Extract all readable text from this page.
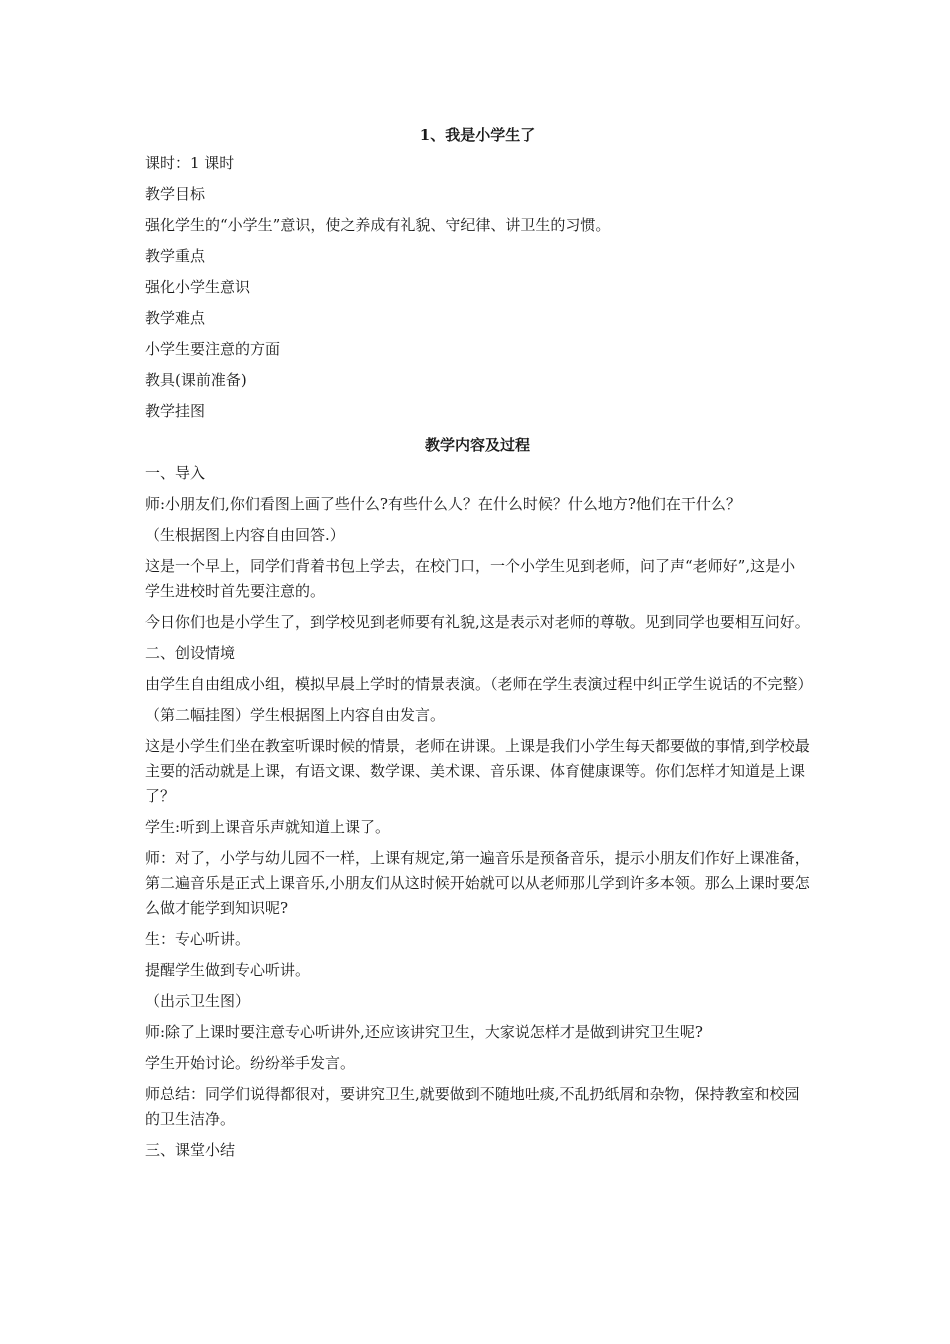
1、我是小学生了

课时：1 课时

教学目标

强化学生的“小学生”意识，使之养成有礼貌、守纪律、讲卫生的习惯。

教学重点

强化小学生意识

教学难点

小学生要注意的方面

教具(课前准备)

教学挂图

教学内容及过程

一、导入

师:小朋友们,你们看图上画了些什么?有些什么人？在什么时候？什么地方?他们在干什么？

（生根据图上内容自由回答.）

这是一个早上，同学们背着书包上学去，在校门口，一个小学生见到老师，问了声“老师好”,这是小学生进校时首先要注意的。

今日你们也是小学生了，到学校见到老师要有礼貌,这是表示对老师的尊敬。见到同学也要相互问好。

二、创设情境

由学生自由组成小组，模拟早晨上学时的情景表演。（老师在学生表演过程中纠正学生说话的不完整）

（第二幅挂图）学生根据图上内容自由发言。

这是小学生们坐在教室听课时候的情景，老师在讲课。上课是我们小学生每天都要做的事情,到学校最主要的活动就是上课，有语文课、数学课、美术课、音乐课、体育健康课等。你们怎样才知道是上课了？

学生:听到上课音乐声就知道上课了。

师：对了，小学与幼儿园不一样，上课有规定,第一遍音乐是预备音乐，提示小朋友们作好上课准备，第二遍音乐是正式上课音乐,小朋友们从这时候开始就可以从老师那儿学到许多本领。那么上课时要怎么做才能学到知识呢?

生：专心听讲。

提醒学生做到专心听讲。

（出示卫生图）

师:除了上课时要注意专心听讲外,还应该讲究卫生，大家说怎样才是做到讲究卫生呢?

学生开始讨论。纷纷举手发言。

师总结：同学们说得都很对，要讲究卫生,就要做到不随地吐痰,不乱扔纸屑和杂物，保持教室和校园的卫生洁净。

三、课堂小结
